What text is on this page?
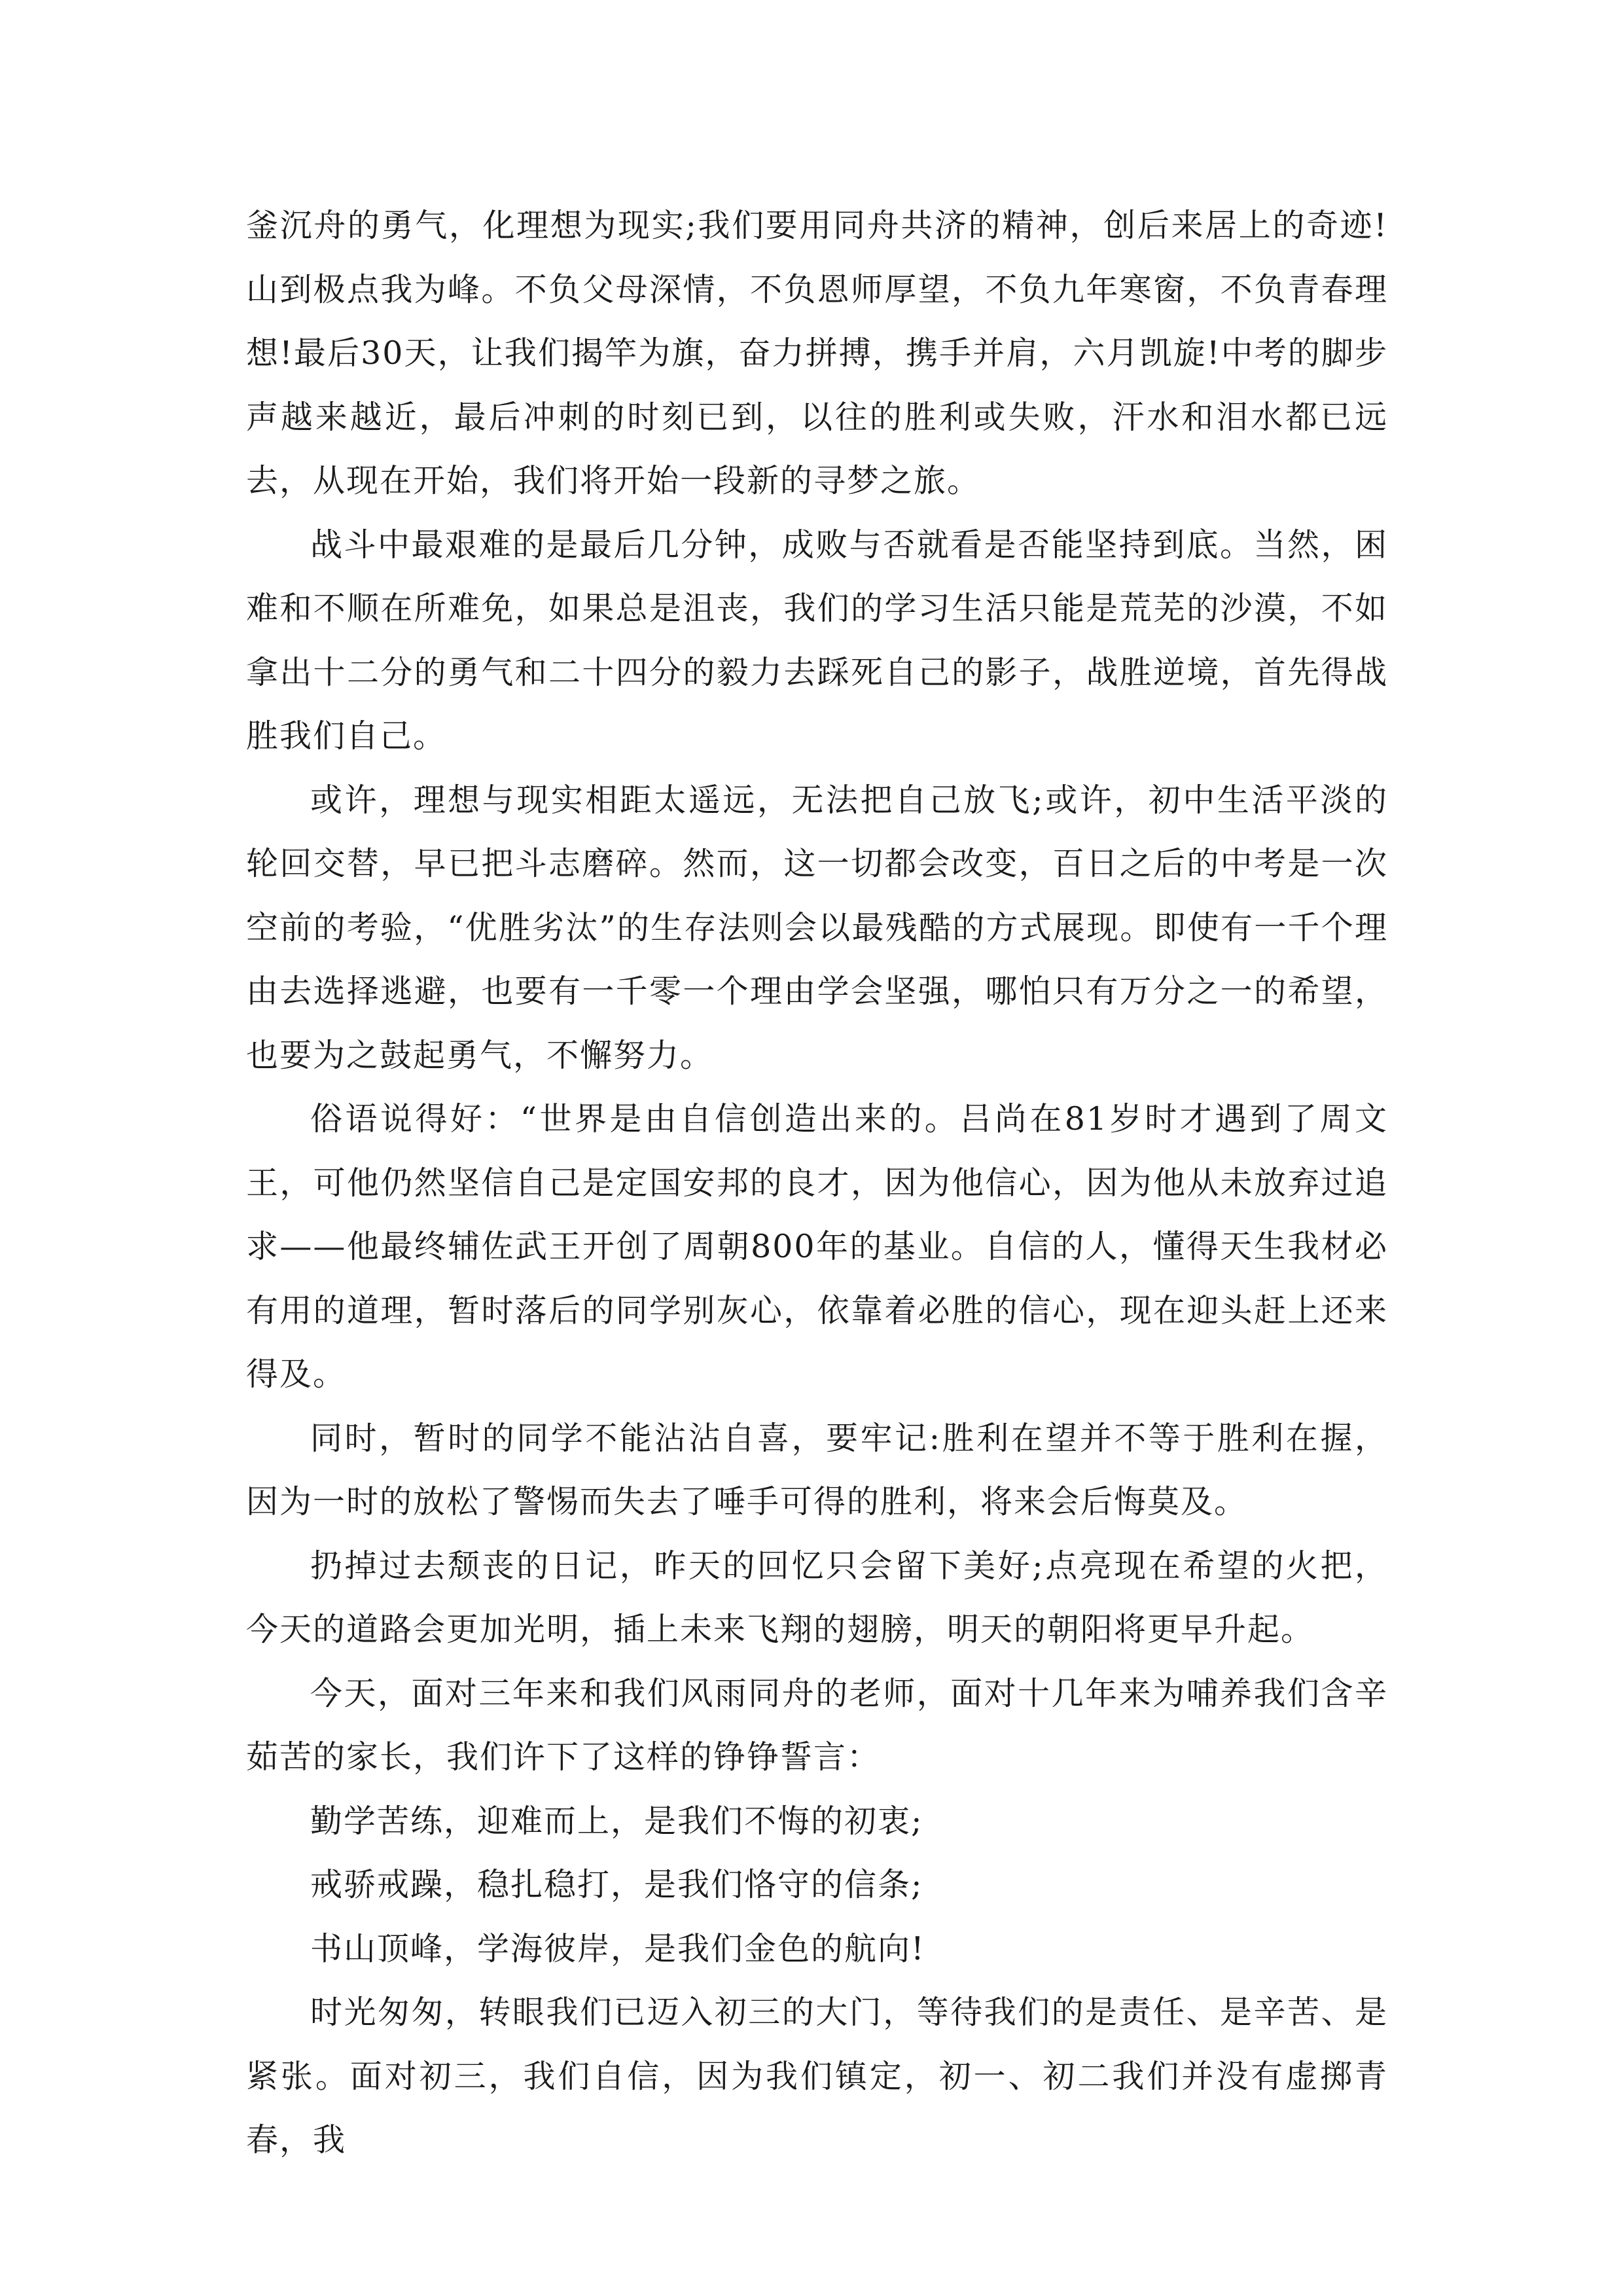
釜沉舟的勇气，化理想为现实;我们要用同舟共济的精神，创后来居上的奇迹!山到极点我为峰。不负父母深情，不负恩师厚望，不负九年寒窗，不负青春理想!最后30天，让我们揭竿为旗，奋力拼搏，携手并肩，六月凯旋!中考的脚步声越来越近，最后冲刺的时刻已到，以往的胜利或失败，汗水和泪水都已远去，从现在开始，我们将开始一段新的寻梦之旅。

战斗中最艰难的是最后几分钟，成败与否就看是否能坚持到底。当然，困难和不顺在所难免，如果总是沮丧，我们的学习生活只能是荒芜的沙漠，不如拿出十二分的勇气和二十四分的毅力去踩死自己的影子，战胜逆境，首先得战胜我们自己。

或许，理想与现实相距太遥远，无法把自己放飞;或许，初中生活平淡的轮回交替，早已把斗志磨碎。然而，这一切都会改变，百日之后的中考是一次空前的考验，“优胜劣汰”的生存法则会以最残酷的方式展现。即使有一千个理由去选择逃避，也要有一千零一个理由学会坚强，哪怕只有万分之一的希望，也要为之鼓起勇气，不懈努力。

俗语说得好：“世界是由自信创造出来的。吕尚在81岁时才遇到了周文王，可他仍然坚信自己是定国安邦的良才，因为他信心，因为他从未放弃过追求——他最终辅佐武王开创了周朝800年的基业。自信的人，懂得天生我材必有用的道理，暂时落后的同学别灰心，依靠着必胜的信心，现在迎头赶上还来得及。

同时，暂时的同学不能沾沾自喜，要牢记:胜利在望并不等于胜利在握，因为一时的放松了警惕而失去了唾手可得的胜利，将来会后悔莫及。

扔掉过去颓丧的日记，昨天的回忆只会留下美好;点亮现在希望的火把，今天的道路会更加光明，插上未来飞翔的翅膀，明天的朝阳将更早升起。

今天，面对三年来和我们风雨同舟的老师，面对十几年来为哺养我们含辛茹苦的家长，我们许下了这样的铮铮誓言：

勤学苦练，迎难而上，是我们不悔的初衷;

戒骄戒躁，稳扎稳打，是我们恪守的信条;

书山顶峰，学海彼岸，是我们金色的航向!

时光匆匆，转眼我们已迈入初三的大门，等待我们的是责任、是辛苦、是紧张。面对初三，我们自信，因为我们镇定，初一、初二我们并没有虚掷青春，我
